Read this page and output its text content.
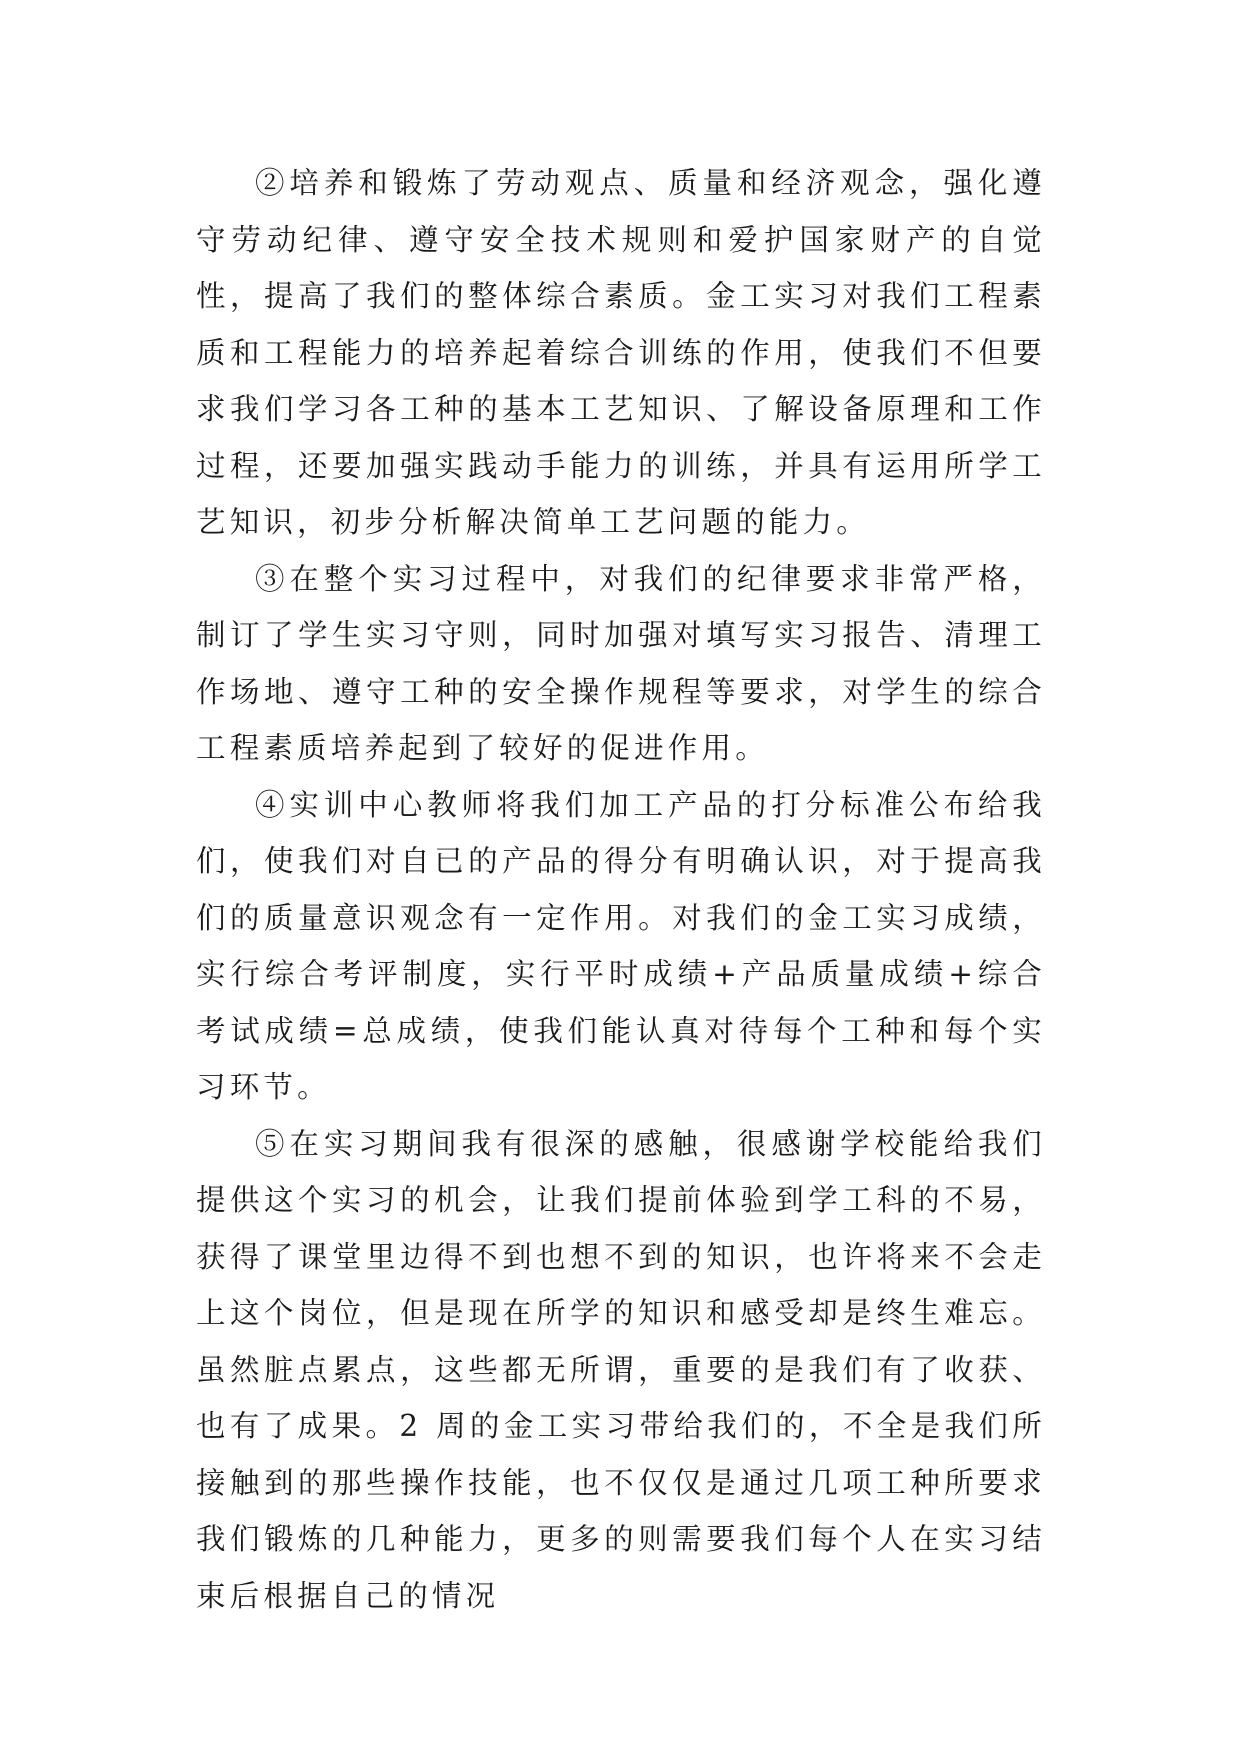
②培养和锻炼了劳动观点、质量和经济观念，强化遵守劳动纪律、遵守安全技术规则和爱护国家财产的自觉性，提高了我们的整体综合素质。金工实习对我们工程素质和工程能力的培养起着综合训练的作用，使我们不但要求我们学习各工种的基本工艺知识、了解设备原理和工作过程，还要加强实践动手能力的训练，并具有运用所学工艺知识，初步分析解决简单工艺问题的能力。

③在整个实习过程中，对我们的纪律要求非常严格，制订了学生实习守则，同时加强对填写实习报告、清理工作场地、遵守工种的安全操作规程等要求，对学生的综合工程素质培养起到了较好的促进作用。

④实训中心教师将我们加工产品的打分标准公布给我们，使我们对自已的产品的得分有明确认识，对于提高我们的质量意识观念有一定作用。对我们的金工实习成绩，实行综合考评制度，实行平时成绩+产品质量成绩+综合考试成绩=总成绩，使我们能认真对待每个工种和每个实习环节。

⑤在实习期间我有很深的感触，很感谢学校能给我们提供这个实习的机会，让我们提前体验到学工科的不易，获得了课堂里边得不到也想不到的知识，也许将来不会走上这个岗位，但是现在所学的知识和感受却是终生难忘。虽然脏点累点，这些都无所谓，重要的是我们有了收获、也有了成果。2 周的金工实习带给我们的，不全是我们所接触到的那些操作技能，也不仅仅是通过几项工种所要求我们锻炼的几种能力，更多的则需要我们每个人在实习结束后根据自己的情况
